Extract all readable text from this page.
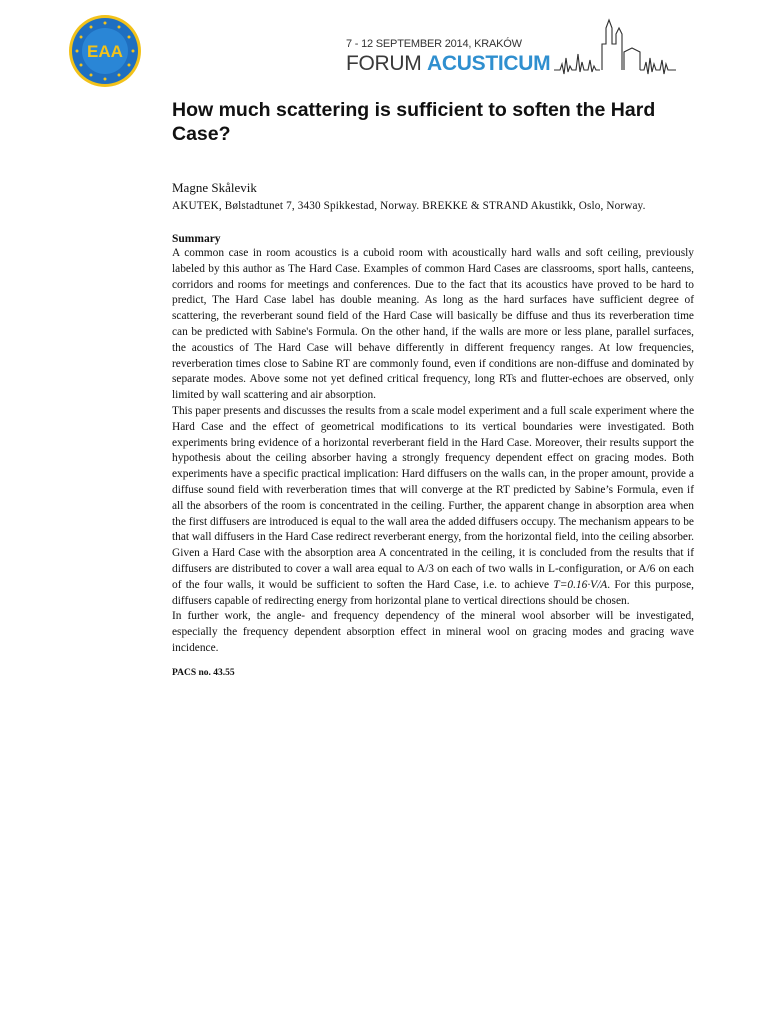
EAA	7 - 12 SEPTEMBER 2014, KRAKÓW
FORUM ACUSTICUM
How much scattering is sufficient to soften the Hard Case?

Magne Skålevik

AKUTEK, Bølstadtunet 7, 3430 Spikkestad, Norway. BREKKE & STRAND Akustikk, Oslo, Norway.

Summary

A common case in room acoustics is a cuboid room with acoustically hard walls and soft ceiling, previously labeled by this author as The Hard Case. Examples of common Hard Cases are classrooms, sport halls, canteens, corridors and rooms for meetings and conferences. Due to the fact that its acoustics have proved to be hard to predict, The Hard Case label has double meaning. As long as the hard surfaces have sufficient degree of scattering, the reverberant sound field of the Hard Case will basically be diffuse and thus its reverberation time can be predicted with Sabine's Formula. On the other hand, if the walls are more or less plane, parallel surfaces, the acoustics of The Hard Case will behave differently in different frequency ranges. At low frequencies, reverberation times close to Sabine RT are commonly found, even if conditions are non-diffuse and dominated by separate modes. Above some not yet defined critical frequency, long RTs and flutter-echoes are observed, only limited by wall scattering and air absorption.

This paper presents and discusses the results from a scale model experiment and a full scale experiment where the Hard Case and the effect of geometrical modifications to its vertical boundaries were investigated. Both experiments bring evidence of a horizontal reverberant field in the Hard Case. Moreover, their results support the hypothesis about the ceiling absorber having a strongly frequency dependent effect on gracing modes. Both experiments have a specific practical implication: Hard diffusers on the walls can, in the proper amount, provide a diffuse sound field with reverberation times that will converge at the RT predicted by Sabine’s Formula, even if all the absorbers of the room is concentrated in the ceiling. Further, the apparent change in absorption area when the first diffusers are introduced is equal to the wall area the added diffusers occupy. The mechanism appears to be that wall diffusers in the Hard Case redirect reverberant energy, from the horizontal field, into the ceiling absorber. Given a Hard Case with the absorption area A concentrated in the ceiling, it is concluded from the results that if diffusers are distributed to cover a wall area equal to A/3 on each of two walls in L-configuration, or A/6 on each of the four walls, it would be sufficient to soften the Hard Case, i.e. to achieve T=0.16·V/A. For this purpose, diffusers capable of redirecting energy from horizontal plane to vertical directions should be chosen.

In further work, the angle- and frequency dependency of the mineral wool absorber will be investigated, especially the frequency dependent absorption effect in mineral wool on gracing modes and gracing wave incidence.

PACS no. 43.55
